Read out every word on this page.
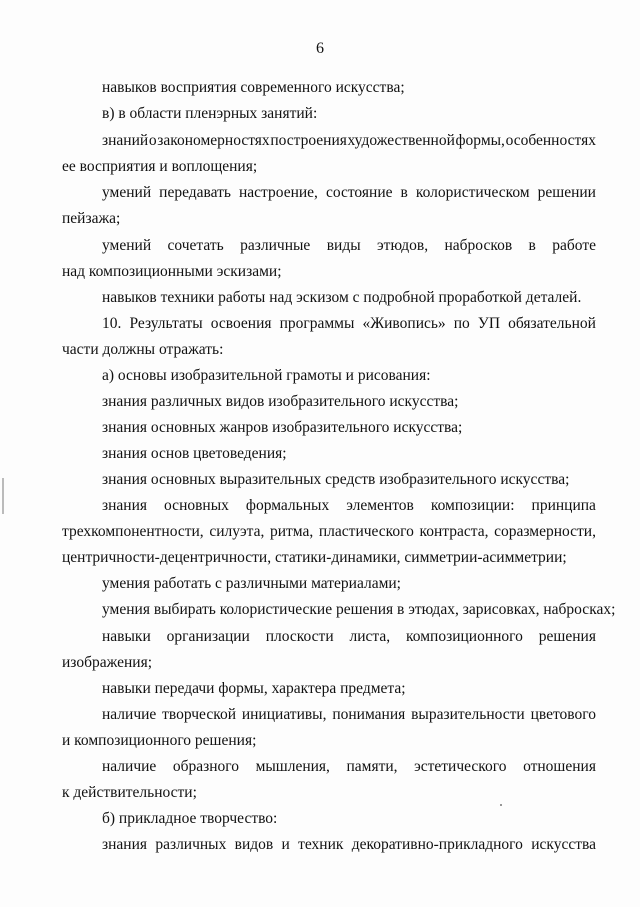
6
навыков восприятия современного искусства;
в) в области пленэрных занятий:
знаний о закономерностях построения художественной формы, особенностях
ее восприятия и воплощения;
умений передавать настроение, состояние в колористическом решении
пейзажа;
умений сочетать различные виды этюдов, набросков в работе
над композиционными эскизами;
навыков техники работы над эскизом с подробной проработкой деталей.
10. Результаты освоения программы «Живопись» по УП обязательной
части должны отражать:
а) основы изобразительной грамоты и рисования:
знания различных видов изобразительного искусства;
знания основных жанров изобразительного искусства;
знания основ цветоведения;
знания основных выразительных средств изобразительного искусства;
знания основных формальных элементов композиции: принципа
трехкомпонентности, силуэта, ритма, пластического контраста, соразмерности,
центричности-децентричности, статики-динамики, симметрии-асимметрии;
умения работать с различными материалами;
умения выбирать колористические решения в этюдах, зарисовках, набросках;
навыки организации плоскости листа, композиционного решения
изображения;
навыки передачи формы, характера предмета;
наличие творческой инициативы, понимания выразительности цветового
и композиционного решения;
наличие образного мышления, памяти, эстетического отношения
к действительности;
б) прикладное творчество:
знания различных видов и техник декоративно-прикладного искусства
